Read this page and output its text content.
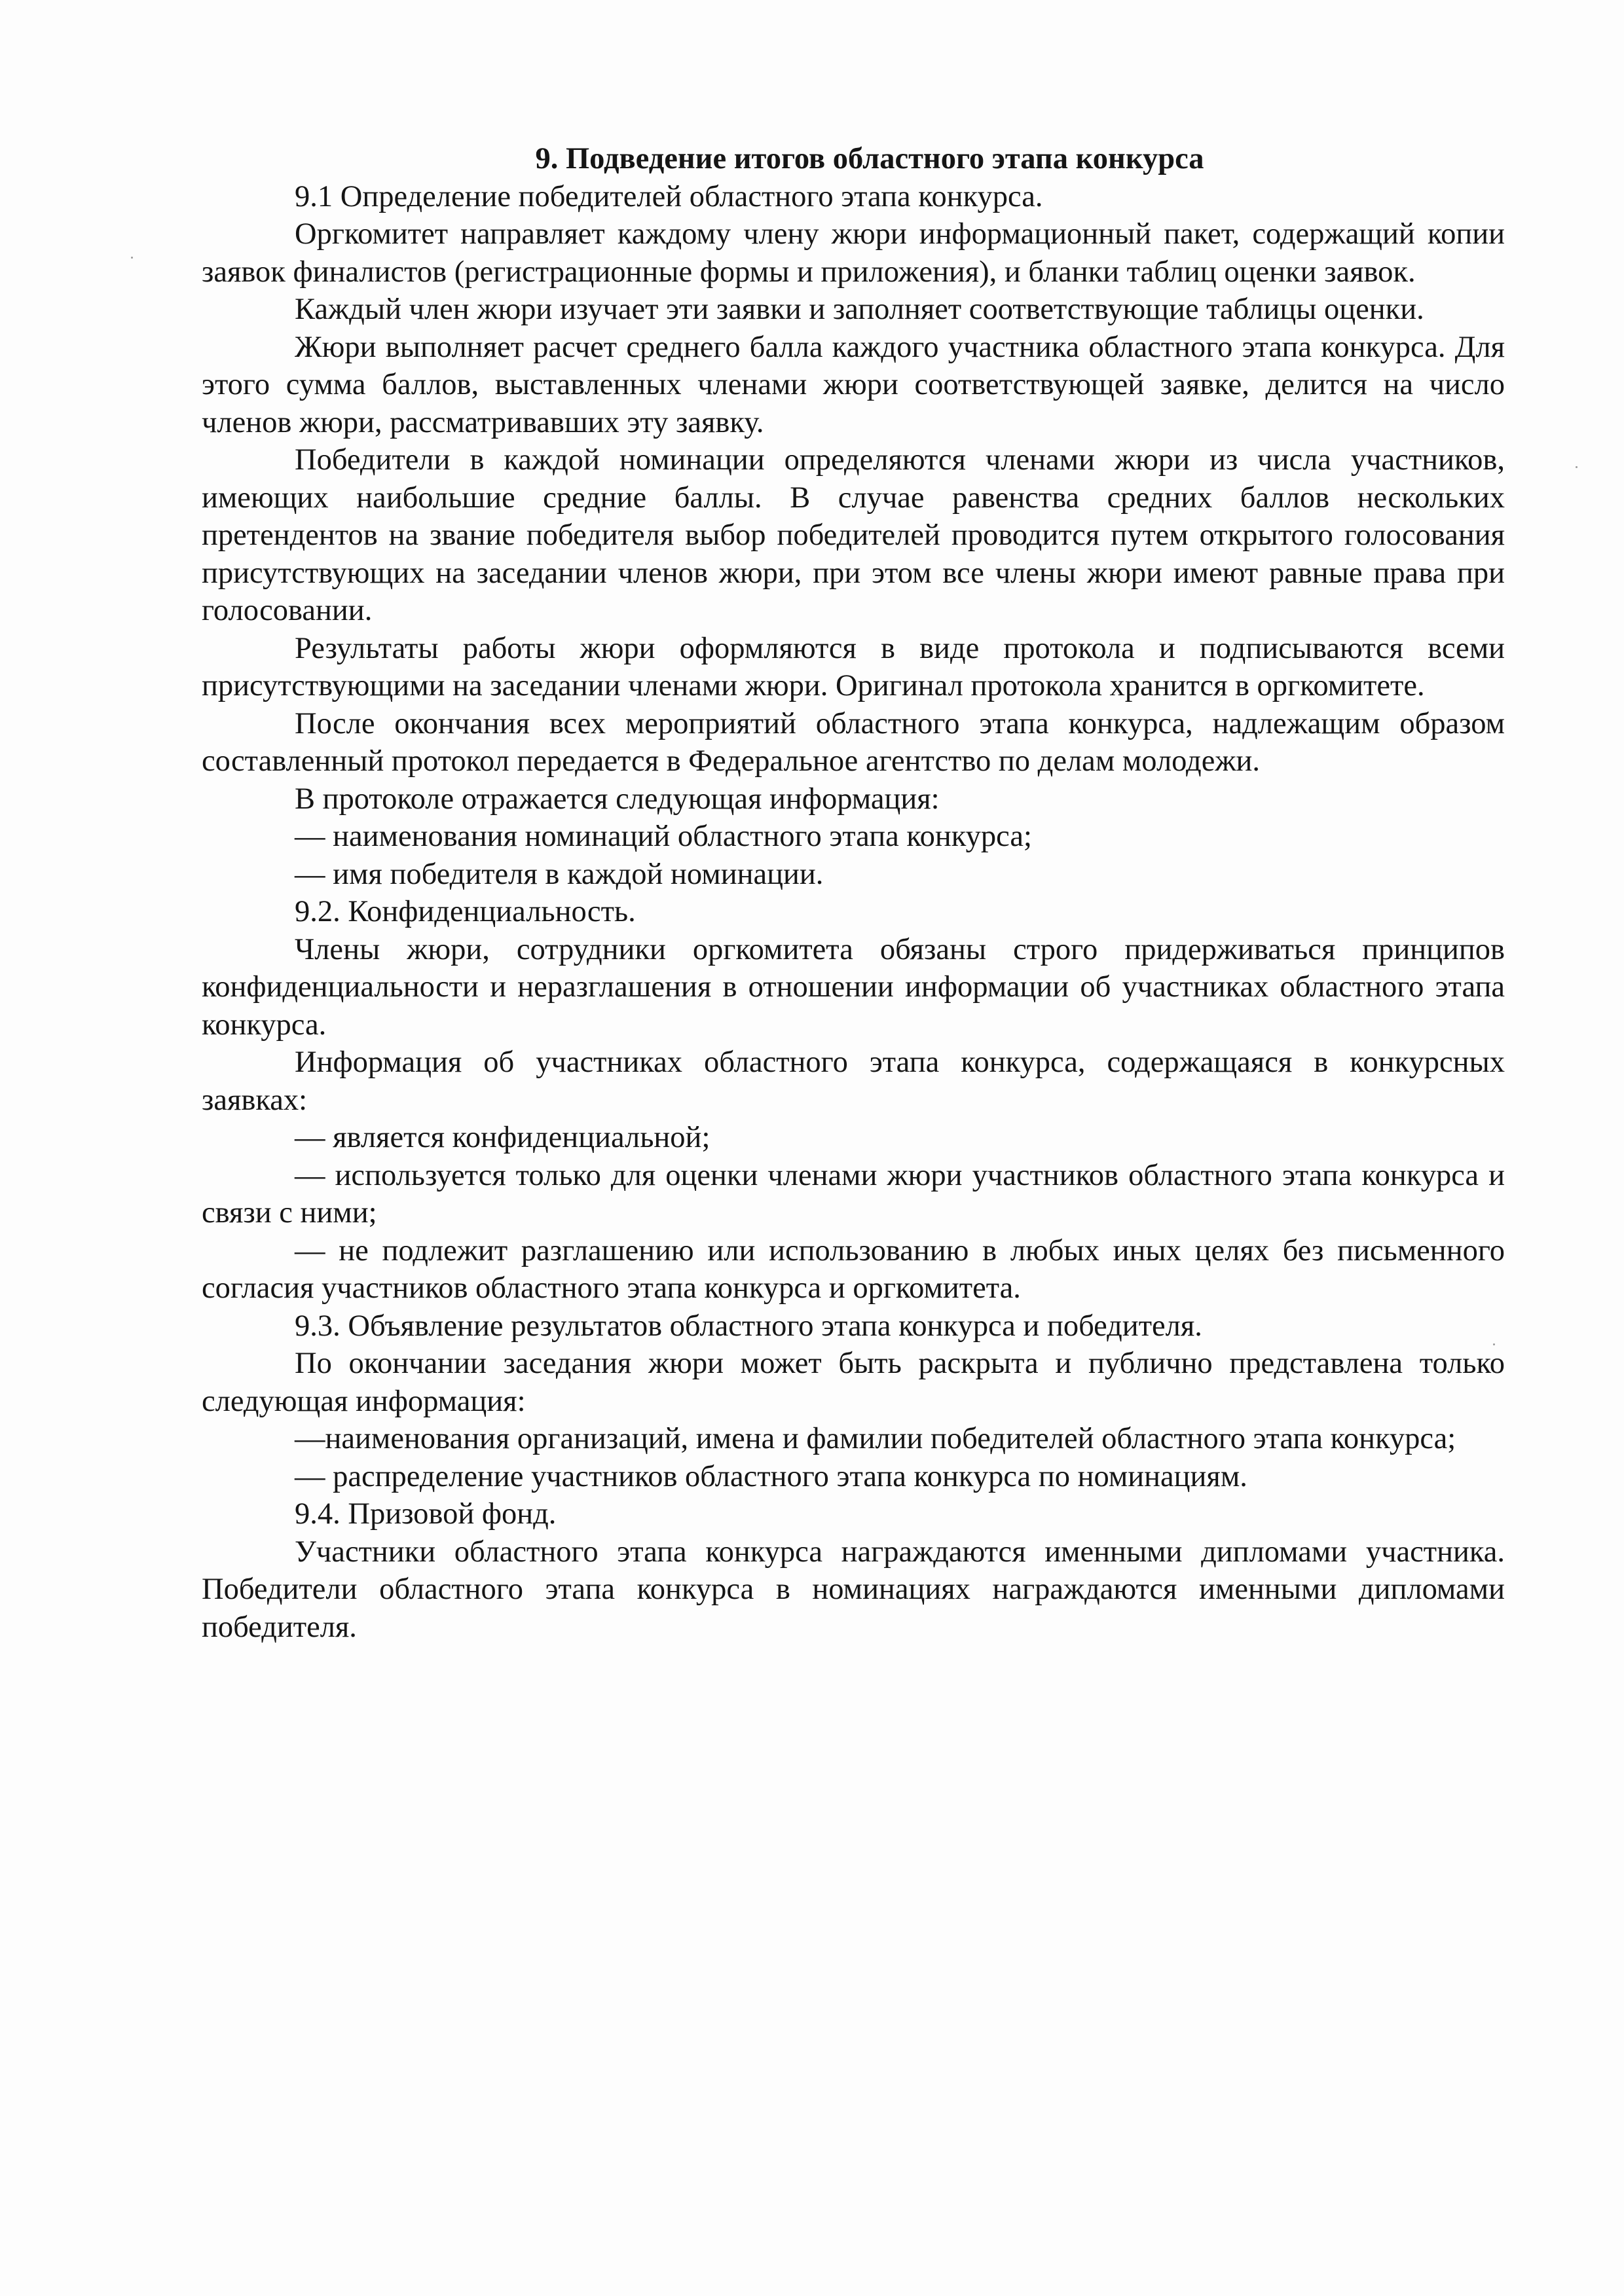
9. Подведение итогов областного этапа конкурса

9.1 Определение победителей областного этапа конкурса.

Оргкомитет направляет каждому члену жюри информационный пакет, содержащий копии заявок финалистов (регистрационные формы и приложения), и бланки таблиц оценки заявок.

Каждый член жюри изучает эти заявки и заполняет соответствующие таблицы оценки.

Жюри выполняет расчет среднего балла каждого участника областного этапа конкурса. Для этого сумма баллов, выставленных членами жюри соответствующей заявке, делится на число членов жюри, рассматривавших эту заявку.

Победители в каждой номинации определяются членами жюри из числа участников, имеющих наибольшие средние баллы. В случае равенства средних баллов нескольких претендентов на звание победителя выбор победителей проводится путем открытого голосования присутствующих на заседании членов жюри, при этом все члены жюри имеют равные права при голосовании.

Результаты работы жюри оформляются в виде протокола и подписываются всеми присутствующими на заседании членами жюри. Оригинал протокола хранится в оргкомитете.

После окончания всех мероприятий областного этапа конкурса, надлежащим образом составленный протокол передается в Федеральное агентство по делам молодежи.

В протоколе отражается следующая информация:

— наименования номинаций областного этапа конкурса;

— имя победителя в каждой номинации.

9.2. Конфиденциальность.

Члены жюри, сотрудники оргкомитета обязаны строго придерживаться принципов конфиденциальности и неразглашения в отношении информации об участниках областного этапа конкурса.

Информация об участниках областного этапа конкурса, содержащаяся в конкурсных заявках:

— является конфиденциальной;

— используется только для оценки членами жюри участников областного этапа конкурса и связи с ними;

— не подлежит разглашению или использованию в любых иных целях без письменного согласия участников областного этапа конкурса и оргкомитета.

9.3. Объявление результатов областного этапа конкурса и победителя.

По окончании заседания жюри может быть раскрыта и публично представлена только следующая информация:

—наименования организаций, имена и фамилии победителей областного этапа конкурса;

— распределение участников областного этапа конкурса по номинациям.

9.4. Призовой фонд.

Участники областного этапа конкурса награждаются именными дипломами участника. Победители областного этапа конкурса в номинациях награждаются именными дипломами победителя.
